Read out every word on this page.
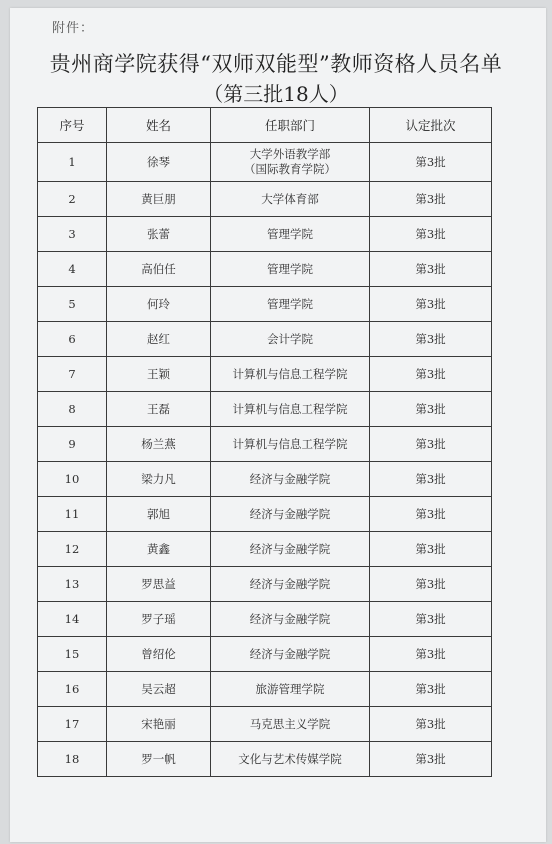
附件：
贵州商学院获得“双师双能型”教师资格人员名单
（第三批18人）
序号	姓名	任职部门	认定批次
1	徐琴	大学外语教学部
（国际教育学院）	第3批
2	黄巨朋	大学体育部	第3批
3	张蕾	管理学院	第3批
4	高伯任	管理学院	第3批
5	何玲	管理学院	第3批
6	赵红	会计学院	第3批
7	王颖	计算机与信息工程学院	第3批
8	王磊	计算机与信息工程学院	第3批
9	杨兰燕	计算机与信息工程学院	第3批
10	梁力凡	经济与金融学院	第3批
11	郭旭	经济与金融学院	第3批
12	黄鑫	经济与金融学院	第3批
13	罗思益	经济与金融学院	第3批
14	罗子瑶	经济与金融学院	第3批
15	曾绍伦	经济与金融学院	第3批
16	吴云超	旅游管理学院	第3批
17	宋艳丽	马克思主义学院	第3批
18	罗一帆	文化与艺术传媒学院	第3批
